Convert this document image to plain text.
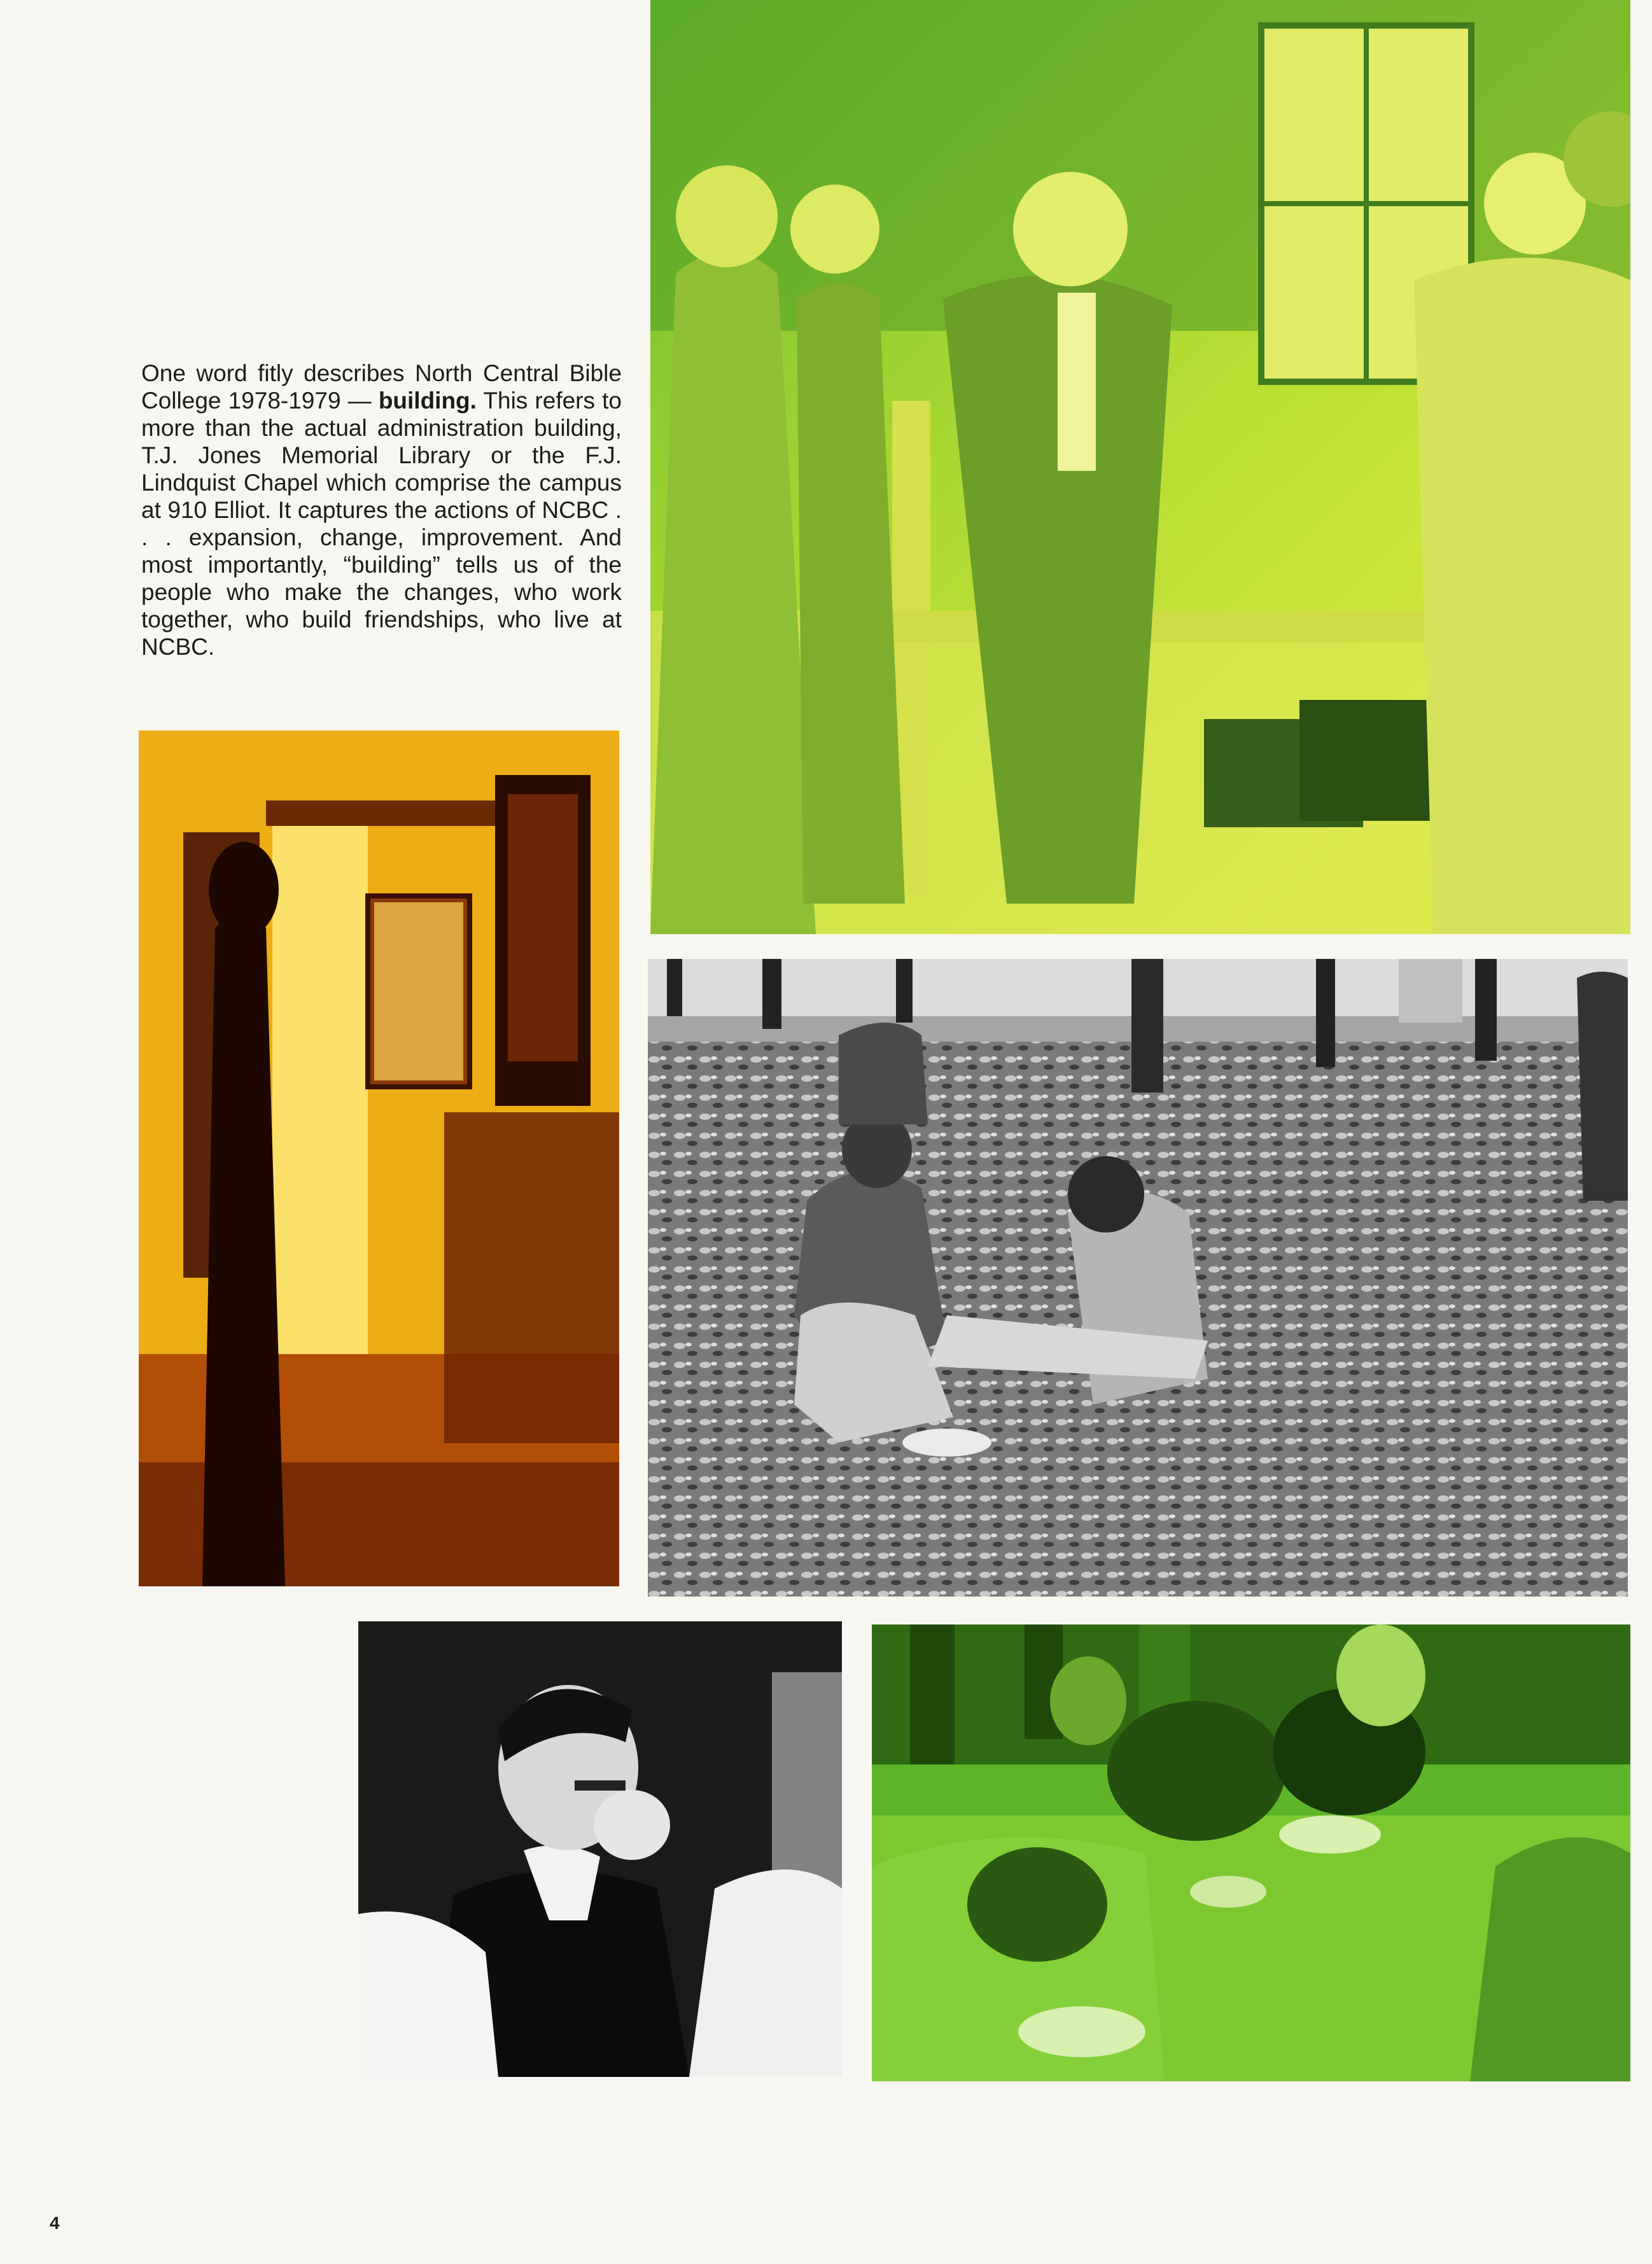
One word fitly describes North Central Bible College 1978-1979 — building. This refers to more than the actual administration building, T.J. Jones Memorial Library or the F.J. Lindquist Chapel which comprise the campus at 910 Elliot. It captures the actions of NCBC . . . expansion, change, improvement. And most importantly, “building” tells us of the people who make the changes, who work together, who build friendships, who live at NCBC.

4
